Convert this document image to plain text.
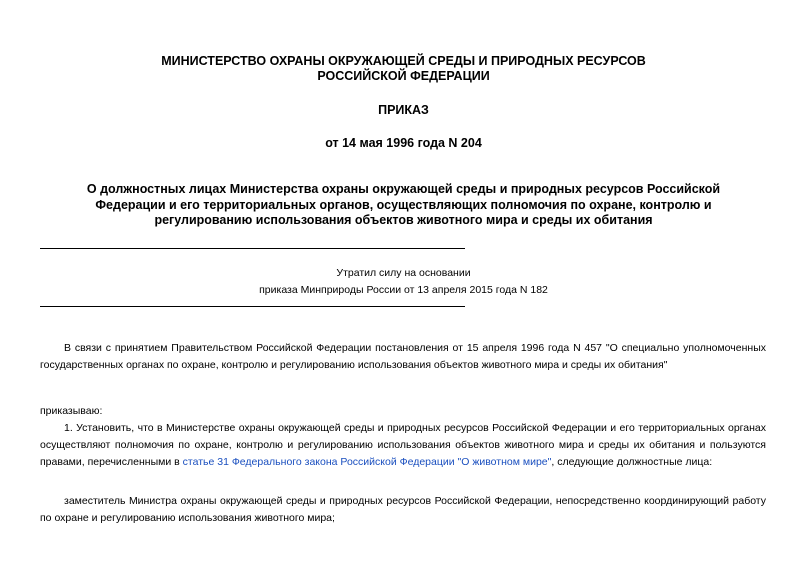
МИНИСТЕРСТВО ОХРАНЫ ОКРУЖАЮЩЕЙ СРЕДЫ И ПРИРОДНЫХ РЕСУРСОВ
РОССИЙСКОЙ ФЕДЕРАЦИИ
ПРИКАЗ
от 14 мая 1996 года N 204
О должностных лицах Министерства охраны окружающей среды и природных ресурсов Российской
Федерации и его территориальных органов, осуществляющих полномочия по охране, контролю и
регулированию использования объектов животного мира и среды их обитания
Утратил силу на основании
приказа Минприроды России от 13 апреля 2015 года N 182
В связи с принятием Правительством Российской Федерации постановления от 15 апреля 1996 года N 457 "О специально уполномоченных государственных органах по охране, контролю и регулированию использования объектов животного мира и среды их обитания"
приказываю:
1. Установить, что в Министерстве охраны окружающей среды и природных ресурсов Российской Федерации и его территориальных органах осуществляют полномочия по охране, контролю и регулированию использования объектов животного мира и среды их обитания и пользуются правами, перечисленными в статье 31 Федерального закона Российской Федерации "О животном мире", следующие должностные лица:
заместитель Министра охраны окружающей среды и природных ресурсов Российской Федерации, непосредственно координирующий работу по охране и регулированию использования животного мира;
